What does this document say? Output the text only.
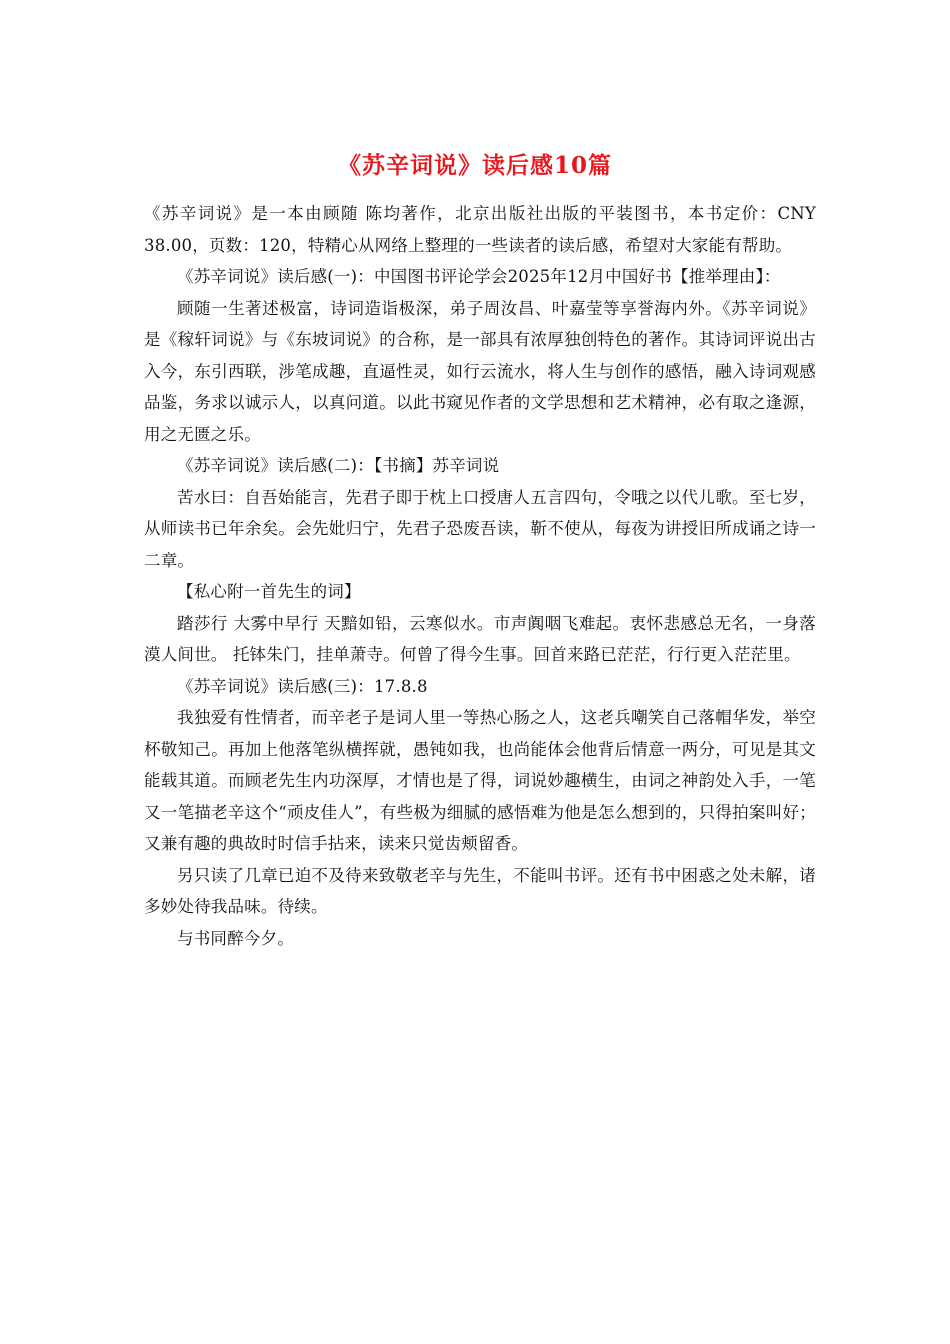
《苏辛词说》读后感10篇

《苏辛词说》是一本由顾随 陈均著作，北京出版社出版的平装图书，本书定价：CNY 38.00，页数：120，特精心从网络上整理的一些读者的读后感，希望对大家能有帮助。

《苏辛词说》读后感(一)：中国图书评论学会2025年12月中国好书【推举理由】：

顾随一生著述极富，诗词造诣极深，弟子周汝昌、叶嘉莹等享誉海内外。《苏辛词说》是《稼轩词说》与《东坡词说》的合称，是一部具有浓厚独创特色的著作。其诗词评说出古入今，东引西联，涉笔成趣，直逼性灵，如行云流水，将人生与创作的感悟，融入诗词观感品鉴，务求以诚示人，以真问道。以此书窥见作者的文学思想和艺术精神，必有取之逢源，用之无匮之乐。

《苏辛词说》读后感(二)：【书摘】苏辛词说

苦水曰：自吾始能言，先君子即于枕上口授唐人五言四句，令哦之以代儿歌。至七岁，从师读书已年余矣。会先妣归宁，先君子恐废吾读，靳不使从，每夜为讲授旧所成诵之诗一二章。

【私心附一首先生的词】

踏莎行 大雾中早行 天黯如铅，云寒似水。市声阗咽飞难起。衷怀悲感总无名，一身落漠人间世。 托钵朱门，挂单萧寺。何曾了得今生事。回首来路已茫茫，行行更入茫茫里。

《苏辛词说》读后感(三)：17.8.8

我独爱有性情者，而辛老子是词人里一等热心肠之人，这老兵嘲笑自己落帽华发，举空杯敬知己。再加上他落笔纵横挥就，愚钝如我，也尚能体会他背后情意一两分，可见是其文能载其道。而顾老先生内功深厚，才情也是了得，词说妙趣横生，由词之神韵处入手，一笔又一笔描老辛这个“顽皮佳人”，有些极为细腻的感悟难为他是怎么想到的，只得拍案叫好；又兼有趣的典故时时信手拈来，读来只觉齿颊留香。

另只读了几章已迫不及待来致敬老辛与先生，不能叫书评。还有书中困惑之处未解，诸多妙处待我品味。待续。

与书同醉今夕。
